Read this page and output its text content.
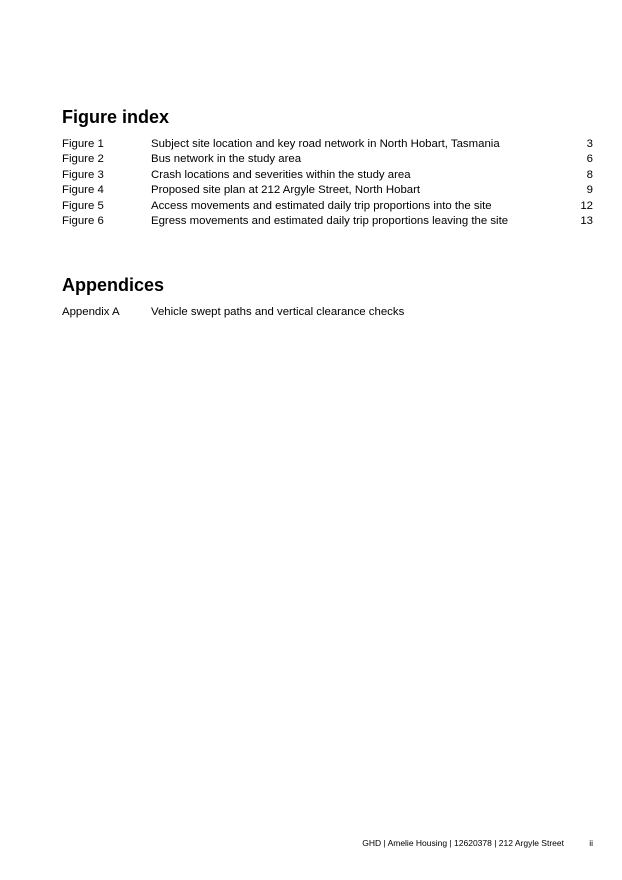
Figure index
Figure 1	Subject site location and key road network in North Hobart, Tasmania	3
Figure 2	Bus network in the study area	6
Figure 3	Crash locations and severities within the study area	8
Figure 4	Proposed site plan at 212 Argyle Street, North Hobart	9
Figure 5	Access movements and estimated daily trip proportions into the site	12
Figure 6	Egress movements and estimated daily trip proportions leaving the site	13
Appendices
Appendix A	Vehicle swept paths and vertical clearance checks
GHD | Amelie Housing | 12620378 | 212 Argyle Street	ii
